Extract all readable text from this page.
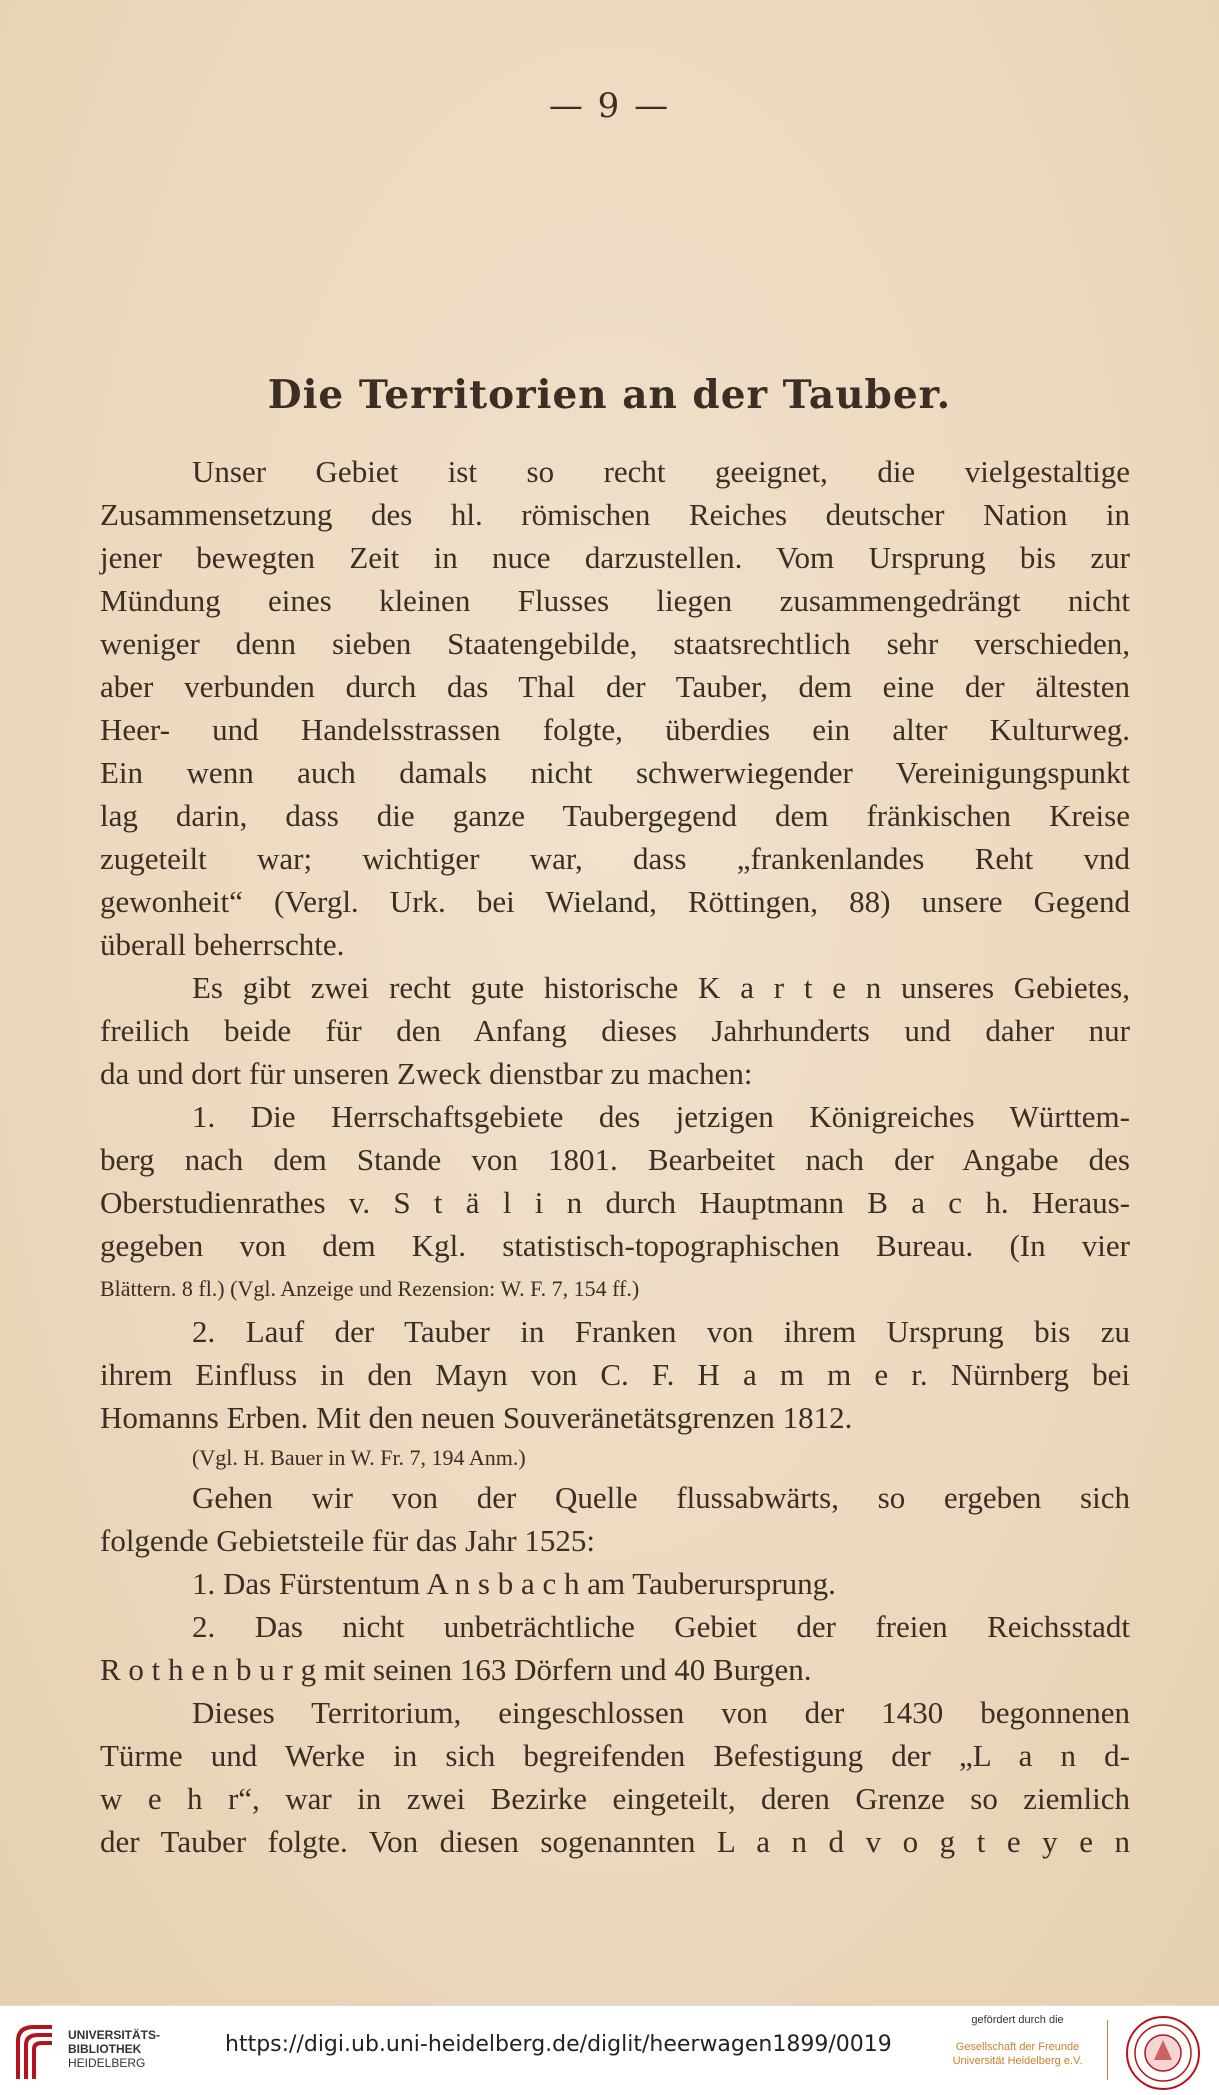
— 9 —
Die Territorien an der Tauber.
Unser Gebiet ist so recht geeignet, die vielgestaltige
Zusammensetzung des hl. römischen Reiches deutscher Nation in
jener bewegten Zeit in nuce darzustellen. Vom Ursprung bis zur
Mündung eines kleinen Flusses liegen zusammengedrängt nicht
weniger denn sieben Staatengebilde, staatsrechtlich sehr verschieden,
aber verbunden durch das Thal der Tauber, dem eine der ältesten
Heer- und Handelsstrassen folgte, überdies ein alter Kulturweg.
Ein wenn auch damals nicht schwerwiegender Vereinigungspunkt
lag darin, dass die ganze Taubergegend dem fränkischen Kreise
zugeteilt war; wichtiger war, dass „frankenlandes Reht vnd
gewonheit“ (Vergl. Urk. bei Wieland, Röttingen, 88) unsere Gegend
überall beherrschte.
Es gibt zwei recht gute historische K a r t e n unseres Gebietes,
freilich beide für den Anfang dieses Jahrhunderts und daher nur
da und dort für unseren Zweck dienstbar zu machen:
1. Die Herrschaftsgebiete des jetzigen Königreiches Württem-
berg nach dem Stande von 1801. Bearbeitet nach der Angabe des
Oberstudienrathes v. S t ä l i n durch Hauptmann B a c h. Heraus-
gegeben von dem Kgl. statistisch-topographischen Bureau. (In vier
Blättern. 8 fl.) (Vgl. Anzeige und Rezension: W. F. 7, 154 ff.)
2. Lauf der Tauber in Franken von ihrem Ursprung bis zu
ihrem Einfluss in den Mayn von C. F. H a m m e r. Nürnberg bei
Homanns Erben. Mit den neuen Souveränetätsgrenzen 1812.
(Vgl. H. Bauer in W. Fr. 7, 194 Anm.)
Gehen wir von der Quelle flussabwärts, so ergeben sich
folgende Gebietsteile für das Jahr 1525:
1. Das Fürstentum A n s b a c h am Tauberursprung.
2. Das nicht unbeträchtliche Gebiet der freien Reichsstadt
R o t h e n b u r g mit seinen 163 Dörfern und 40 Burgen.
Dieses Territorium, eingeschlossen von der 1430 begonnenen
Türme und Werke in sich begreifenden Befestigung der „L a n d-
w e h r“, war in zwei Bezirke eingeteilt, deren Grenze so ziemlich
der Tauber folgte. Von diesen sogenannten L a n d v o g t e y e n
UNIVERSITÄTS-
BIBLIOTHEK
HEIDELBERG
https://digi.ub.uni-heidelberg.de/diglit/heerwagen1899/0019
gefördert durch die
Gesellschaft der Freunde
Universität Heidelberg e.V.
